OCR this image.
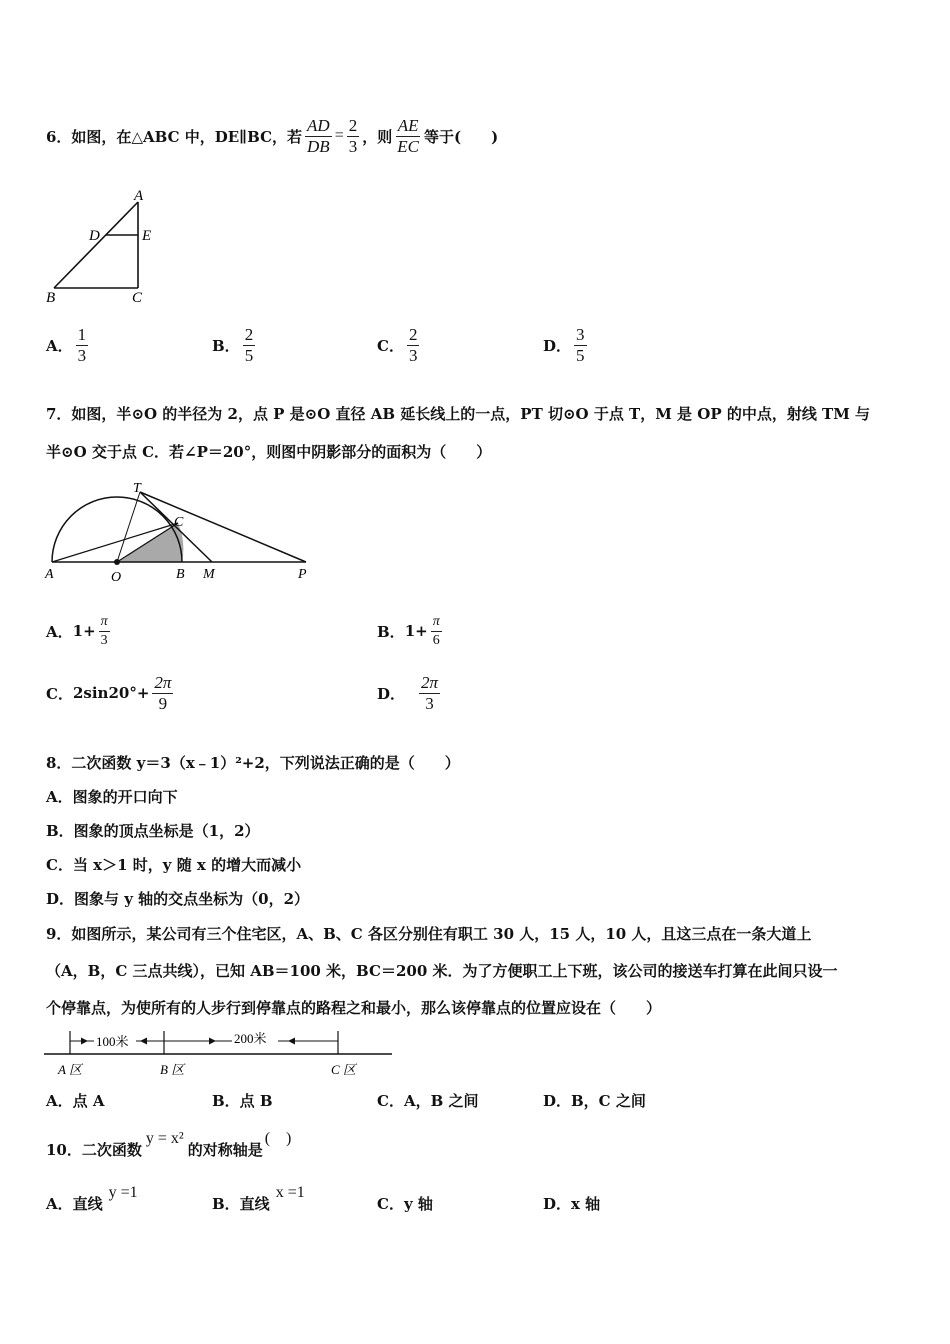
6．如图，在△ABC 中，DE∥BC，若 $\frac{AD}{DB} = \frac{2}{3}$ ，则 $\frac{AE}{EC}$ 等于(　　)
A
D	E
B	C
A． $\frac{1}{3}$	B． $\frac{2}{5}$	C． $\frac{2}{3}$	D． $\frac{3}{5}$
7．如图，半⊙O 的半径为 2，点 P 是⊙O 直径 AB 延长线上的一点，PT 切⊙O 于点 T，M 是 OP 的中点，射线 TM 与
半⊙O 交于点 C．若∠P＝20°，则图中阴影部分的面积为（　　）
T
C
A	O	B M	P
A． $1+ \frac{\pi}{3}$	B． $1+ \frac{\pi}{6}$
C． $2\sin 20^\circ+ \frac{2\pi}{9}$	D． $\frac{2\pi}{3}$
8．二次函数 y＝3（x﹣1）²+2，下列说法正确的是（　　）
A．图象的开口向下
B．图象的顶点坐标是（1，2）
C．当 x＞1 时，y 随 x 的增大而减小
D．图象与 y 轴的交点坐标为（0，2）
9．如图所示，某公司有三个住宅区，A、B、C 各区分别住有职工 30 人，15 人，10 人，且这三点在一条大道上
（A，B，C 三点共线），已知 AB＝100 米，BC＝200 米．为了方便职工上下班，该公司的接送车打算在此间只设一
个停靠点，为使所有的人步行到停靠点的路程之和最小，那么该停靠点的位置应设在（　　）
100米	200米
A 区	B 区	C 区
A．点 A	B．点 B	C．A，B 之间	D．B，C 之间
10．二次函数
y = x²
的对称轴是
(　)
A．直线
y =1
B．直线
x =1
C．y 轴	D．x 轴
